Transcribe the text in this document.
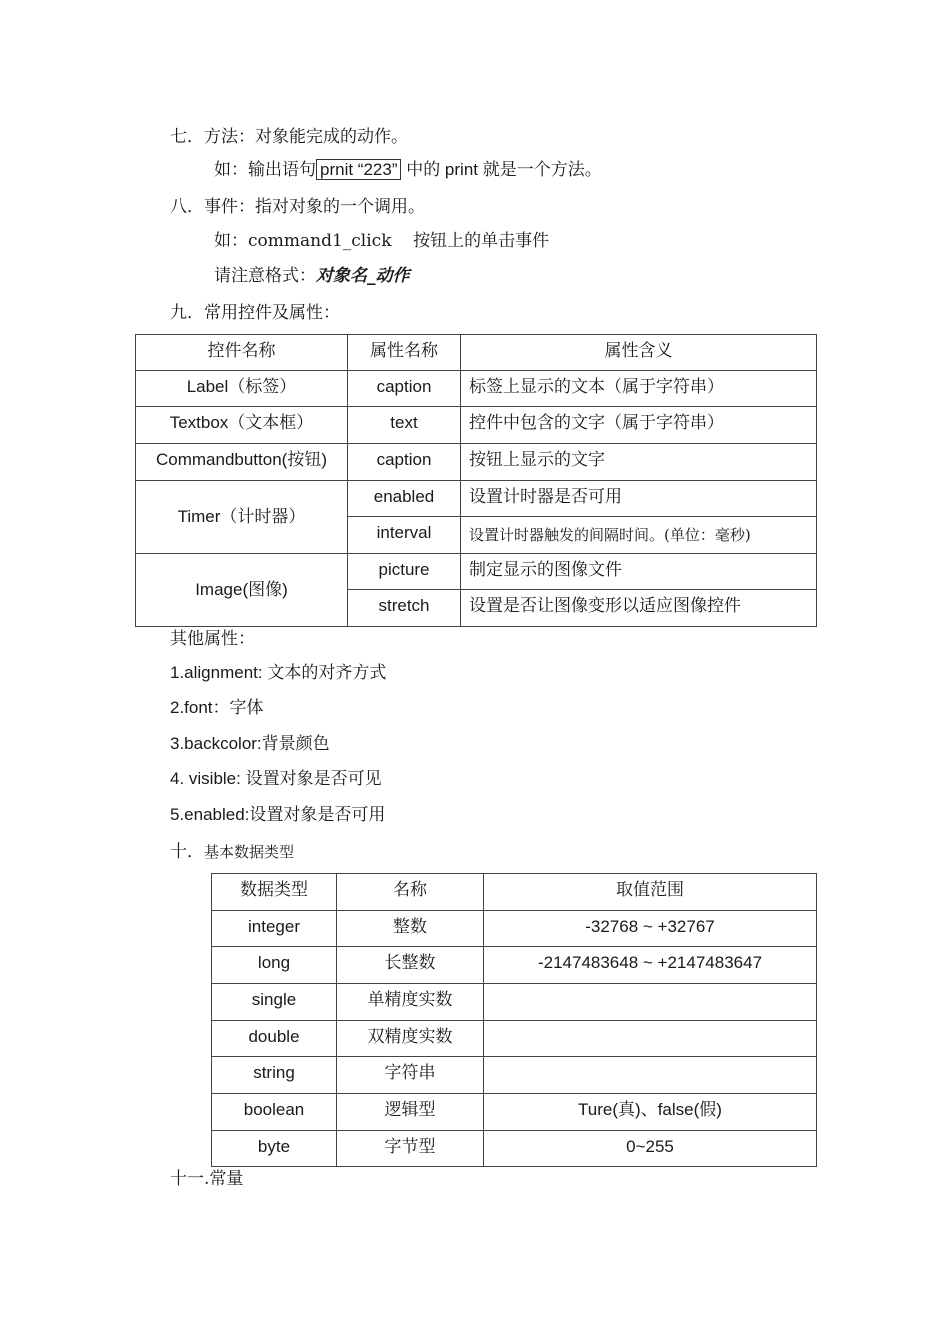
七．方法：对象能完成的动作。
如：输出语句 prnit “223” 中的 print 就是一个方法。
八．事件：指对对象的一个调用。
如：command1_click    按钮上的单击事件
请注意格式：对象名_动作
九．常用控件及属性：
控件名称	属性名称	属性含义
Label（标签）	caption	标签上显示的文本（属于字符串）
Textbox（文本框）	text	控件中包含的文字（属于字符串）
Commandbutton(按钮)	caption	按钮上显示的文字
Timer（计时器）	enabled	设置计时器是否可用
	interval	设置计时器触发的间隔时间。(单位：毫秒)
Image(图像)	picture	制定显示的图像文件
	stretch	设置是否让图像变形以适应图像控件
其他属性：
1.alignment: 文本的对齐方式
2.font：字体
3.backcolor:背景颜色
4. visible: 设置对象是否可见
5.enabled:设置对象是否可用
十．基本数据类型
数据类型	名称	取值范围
integer	整数	-32768 ~ +32767
long	长整数	-2147483648 ~ +2147483647
single	单精度实数	
double	双精度实数	
string	字符串	
boolean	逻辑型	Ture(真)、false(假)
byte	字节型	0~255
十一.常量
